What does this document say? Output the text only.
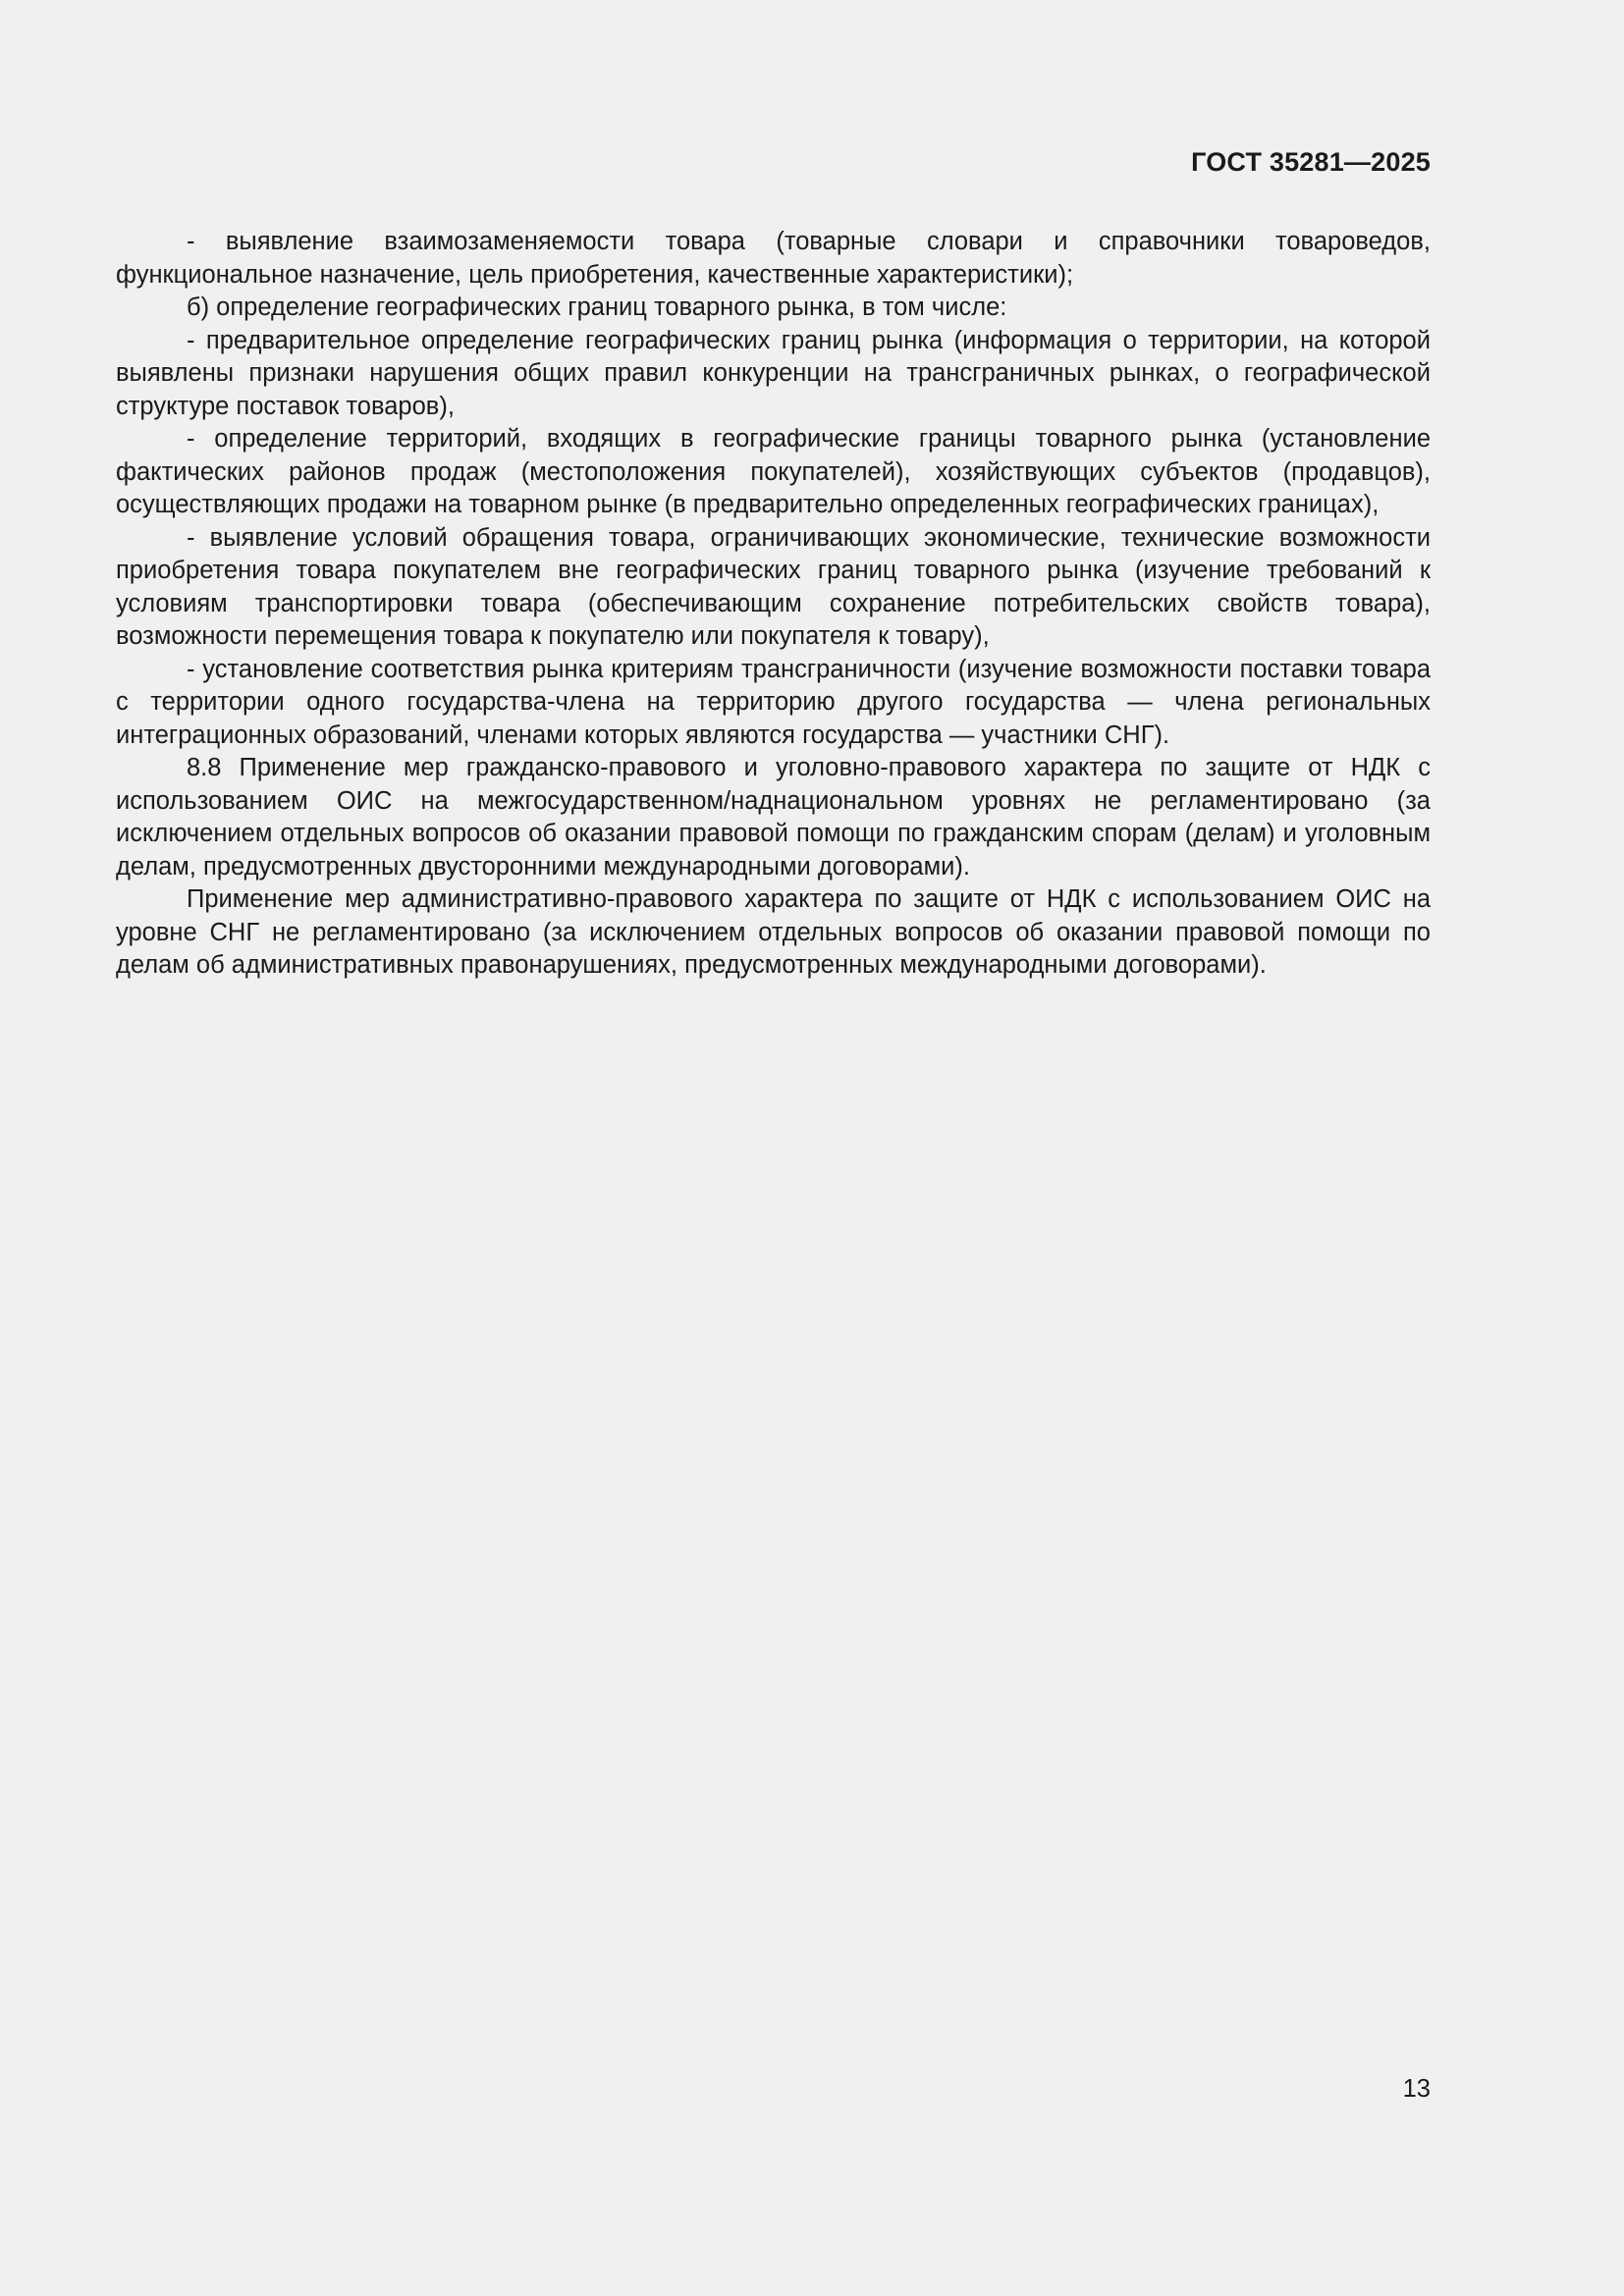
ГОСТ 35281—2025

- выявление взаимозаменяемости товара (товарные словари и справочники товароведов, функциональное назначение, цель приобретения, качественные характеристики);

б) определение географических границ товарного рынка, в том числе:

- предварительное определение географических границ рынка (информация о территории, на которой выявлены признаки нарушения общих правил конкуренции на трансграничных рынках, о географической структуре поставок товаров),

- определение территорий, входящих в географические границы товарного рынка (установление фактических районов продаж (местоположения покупателей), хозяйствующих субъектов (продавцов), осуществляющих продажи на товарном рынке (в предварительно определенных географических границах),

- выявление условий обращения товара, ограничивающих экономические, технические возможности приобретения товара покупателем вне географических границ товарного рынка (изучение требований к условиям транспортировки товара (обеспечивающим сохранение потребительских свойств товара), возможности перемещения товара к покупателю или покупателя к товару),

- установление соответствия рынка критериям трансграничности (изучение возможности поставки товара с территории одного государства-члена на территорию другого государства — члена региональных интеграционных образований, членами которых являются государства — участники СНГ).

8.8 Применение мер гражданско-правового и уголовно-правового характера по защите от НДК с использованием ОИС на межгосударственном/наднациональном уровнях не регламентировано (за исключением отдельных вопросов об оказании правовой помощи по гражданским спорам (делам) и уголовным делам, предусмотренных двусторонними международными договорами).

Применение мер административно-правового характера по защите от НДК с использованием ОИС на уровне СНГ не регламентировано (за исключением отдельных вопросов об оказании правовой помощи по делам об административных правонарушениях, предусмотренных международными договорами).

13
